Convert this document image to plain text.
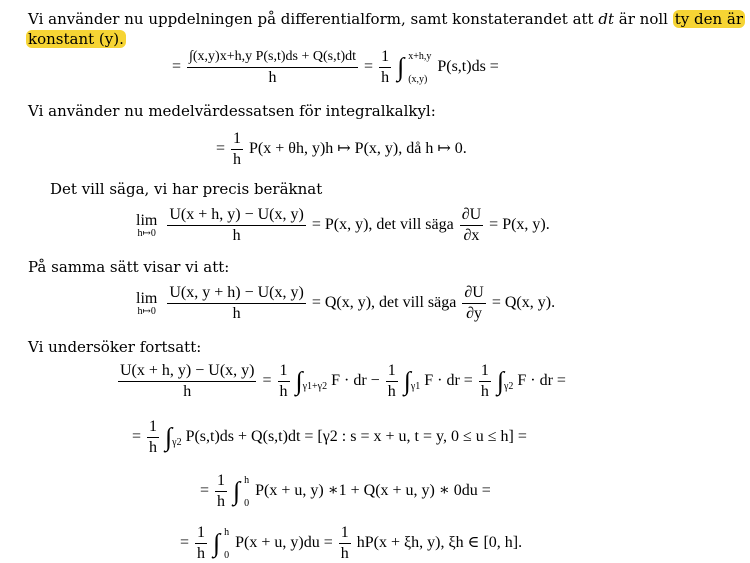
Vi använder nu uppdelningen på differentialform, samt konstaterandet att dt är noll ty den är
konstant (y).
= $\frac{\text{∫(x,y)x+h,y P(s,t)ds + Q(s,t)dt}}{h} = \frac{1}{h}$ ∫ x+h,y
(x,y)
P(s,t)ds =
Vi använder nu medelvärdessatsen för integralkalkyl:
= $\frac{1}{h} P(x + \theta h$, y)h ↦ P(x, y), då h ↦ 0.
Det vill säga, vi har precis beräknat
lim
h↦0
$\frac{U(x + h, y) - U(x, y)}{h} = P(x$, y), det vill säga $\frac{\partial U}{\partial x} = P(x$, y).
På samma sätt visar vi att:
lim
h↦0
$\frac{U(x, y + h) - U(x, y)}{h} = Q(x$, y), det vill säga $\frac{\partial U}{\partial y} = Q(x$, y).
Vi undersöker fortsatt:
$\frac{U(x + h, y) - U(x, y)}{h} = \frac{1}{h} \int_{\gamma 1+\gamma 2}$ F · dr − $\frac{1}{h} \int_{\gamma 1}$ F · dr = $\frac{1}{h} \int_{\gamma 2}$ F · dr =
= $\frac{1}{h} \int_{\gamma 2}$ P(s,t)ds + Q(s,t)dt = [γ2 : s = x + u, t = y, 0 ≤ u ≤ h] =
= $\frac{1}{h}$ ∫ h
0
P(x + u, y) ∗1 + Q(x + u, y) ∗ 0du =
= $\frac{1}{h}$ ∫ h
0
P(x + u, $y)du = \frac{1}{h} hP(x + \xi h$, y), ξh ∈ [0, h].
